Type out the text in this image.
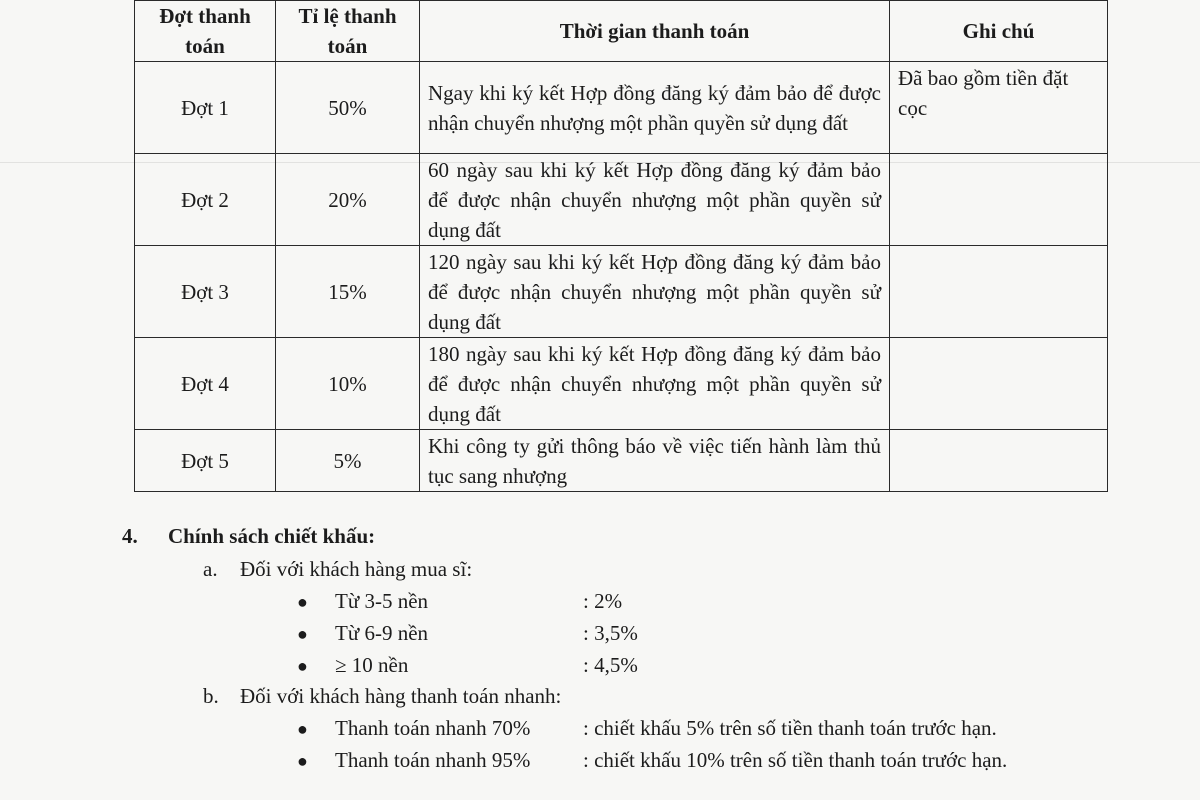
Đợt thanh toán	Tỉ lệ thanh toán	Thời gian thanh toán	Ghi chú
Đợt 1	50%	Ngay khi ký kết Hợp đồng đăng ký đảm bảo để được nhận chuyển nhượng một phần quyền sử dụng đất	Đã bao gồm tiền đặt cọc
Đợt 2	20%	60 ngày sau khi ký kết Hợp đồng đăng ký đảm bảo để được nhận chuyển nhượng một phần quyền sử dụng đất	
Đợt 3	15%	120 ngày sau khi ký kết Hợp đồng đăng ký đảm bảo để được nhận chuyển nhượng một phần quyền sử dụng đất	
Đợt 4	10%	180 ngày sau khi ký kết Hợp đồng đăng ký đảm bảo để được nhận chuyển nhượng một phần quyền sử dụng đất	
Đợt 5	5%	Khi công ty gửi thông báo về việc tiến hành làm thủ tục sang nhượng	
4. Chính sách chiết khấu:
a. Đối với khách hàng mua sĩ:
● Từ 3-5 nền	: 2%
● Từ 6-9 nền	: 3,5%
● ≥ 10 nền	: 4,5%
b. Đối với khách hàng thanh toán nhanh:
● Thanh toán nhanh 70%	: chiết khấu 5% trên số tiền thanh toán trước hạn.
● Thanh toán nhanh 95%	: chiết khấu 10% trên số tiền thanh toán trước hạn.
